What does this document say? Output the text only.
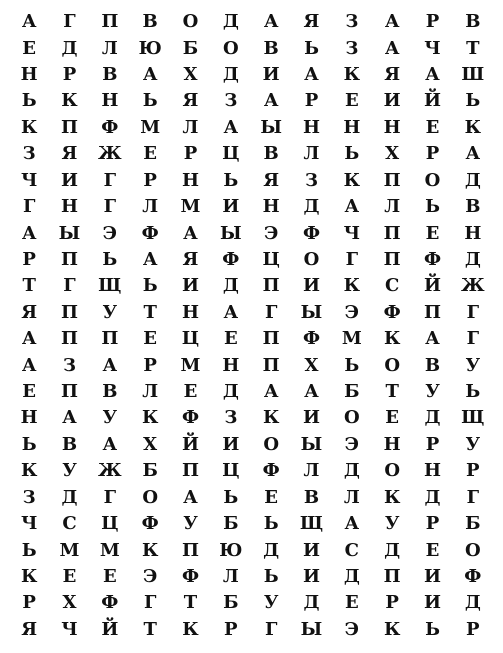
А	Г	П	В	О	Д	А	Я	З	А	Р	В
Е	Д	Л	Ю	Б	О	В	Ь	З	А	Ч	Т
Н	Р	В	А	Х	Д	И	А	К	Я	А	Ш
Ь	К	Н	Ь	Я	З	А	Р	Е	И	Й	Ь
К	П	Ф	М	Л	А	Ы	Н	Н	Н	Е	К
З	Я	Ж	Е	Р	Ц	В	Л	Ь	Х	Р	А
Ч	И	Г	Р	Н	Ь	Я	З	К	П	О	Д
Г	Н	Г	Л	М	И	Н	Д	А	Л	Ь	В
А	Ы	Э	Ф	А	Ы	Э	Ф	Ч	П	Е	Н
Р	П	Ь	А	Я	Ф	Ц	О	Г	П	Ф	Д
Т	Г	Щ	Ь	И	Д	П	И	К	С	Й	Ж
Я	П	У	Т	Н	А	Г	Ы	Э	Ф	П	Г
А	П	П	Е	Ц	Е	П	Ф	М	К	А	Г
А	З	А	Р	М	Н	П	Х	Ь	О	В	У
Е	П	В	Л	Е	Д	А	А	Б	Т	У	Ь
Н	А	У	К	Ф	З	К	И	О	Е	Д	Щ
Ь	В	А	Х	Й	И	О	Ы	Э	Н	Р	У
К	У	Ж	Б	П	Ц	Ф	Л	Д	О	Н	Р
З	Д	Г	О	А	Ь	Е	В	Л	К	Д	Г
Ч	С	Ц	Ф	У	Б	Ь	Щ	А	У	Р	Б
Ь	М	М	К	П	Ю	Д	И	С	Д	Е	О
К	Е	Е	Э	Ф	Л	Ь	И	Д	П	И	Ф
Р	Х	Ф	Г	Т	Б	У	Д	Е	Р	И	Д
Я	Ч	Й	Т	К	Р	Г	Ы	Э	К	Ь	Р
